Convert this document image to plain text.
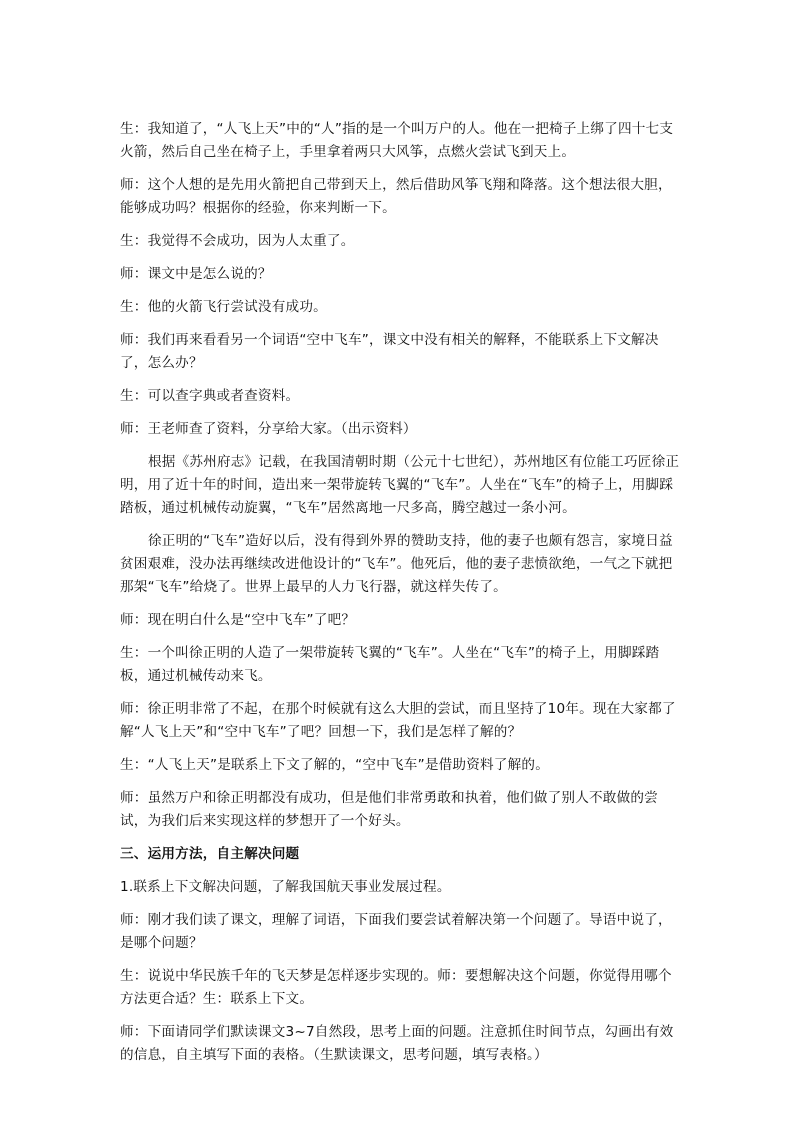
生：我知道了，“人飞上天”中的“人”指的是一个叫万户的人。他在一把椅子上绑了四十七支火箭，然后自己坐在椅子上，手里拿着两只大风筝，点燃火尝试飞到天上。

师：这个人想的是先用火箭把自己带到天上，然后借助风筝飞翔和降落。这个想法很大胆，能够成功吗？根据你的经验，你来判断一下。

生：我觉得不会成功，因为人太重了。

师：课文中是怎么说的？

生：他的火箭飞行尝试没有成功。

师：我们再来看看另一个词语“空中飞车”，课文中没有相关的解释，不能联系上下文解决了，怎么办？

生：可以查字典或者查资料。

师：王老师查了资料，分享给大家。（出示资料）

根据《苏州府志》记载，在我国清朝时期（公元十七世纪），苏州地区有位能工巧匠徐正明，用了近十年的时间，造出来一架带旋转飞翼的“飞车”。人坐在“飞车”的椅子上，用脚踩踏板，通过机械传动旋翼，“飞车”居然离地一尺多高，腾空越过一条小河。

徐正明的“飞车”造好以后，没有得到外界的赞助支持，他的妻子也颇有怨言，家境日益贫困艰难，没办法再继续改进他设计的“飞车”。他死后，他的妻子悲愤欲绝，一气之下就把那架“飞车”给烧了。世界上最早的人力飞行器，就这样失传了。

师：现在明白什么是“空中飞车”了吧？

生：一个叫徐正明的人造了一架带旋转飞翼的“飞车”。人坐在“飞车”的椅子上，用脚踩踏板，通过机械传动来飞。

师：徐正明非常了不起，在那个时候就有这么大胆的尝试，而且坚持了10年。现在大家都了解“人飞上天”和“空中飞车”了吧？回想一下，我们是怎样了解的？

生：“人飞上天”是联系上下文了解的，“空中飞车”是借助资料了解的。

师：虽然万户和徐正明都没有成功，但是他们非常勇敢和执着，他们做了别人不敢做的尝试，为我们后来实现这样的梦想开了一个好头。

三、运用方法，自主解决问题

1.联系上下文解决问题，了解我国航天事业发展过程。

师：刚才我们读了课文，理解了词语，下面我们要尝试着解决第一个问题了。导语中说了，是哪个问题？

生：说说中华民族千年的飞天梦是怎样逐步实现的。师：要想解决这个问题，你觉得用哪个方法更合适？生：联系上下文。

师：下面请同学们默读课文3~7自然段，思考上面的问题。注意抓住时间节点，勾画出有效的信息，自主填写下面的表格。（生默读课文，思考问题，填写表格。）
